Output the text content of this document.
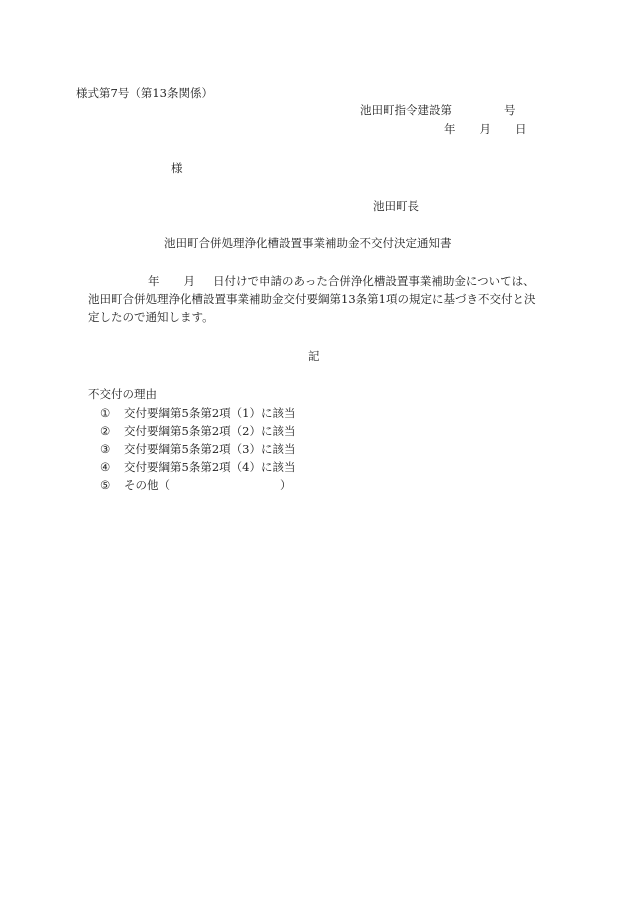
様式第7号（第13条関係）
池田町指令建設第	号
年 月 日
様
池田町長
池田町合併処理浄化槽設置事業補助金不交付決定通知書

年 月 日付けで申請のあった合併浄化槽設置事業補助金については、

池田町合併処理浄化槽設置事業補助金交付要綱第13条第1項の規定に基づき不交付と決

定したので通知します。

記
不交付の理由
① 交付要綱第5条第2項（1）に該当
② 交付要綱第5条第2項（2）に該当
③ 交付要綱第5条第2項（3）に該当
④ 交付要綱第5条第2項（4）に該当
⑤ その他（	）
